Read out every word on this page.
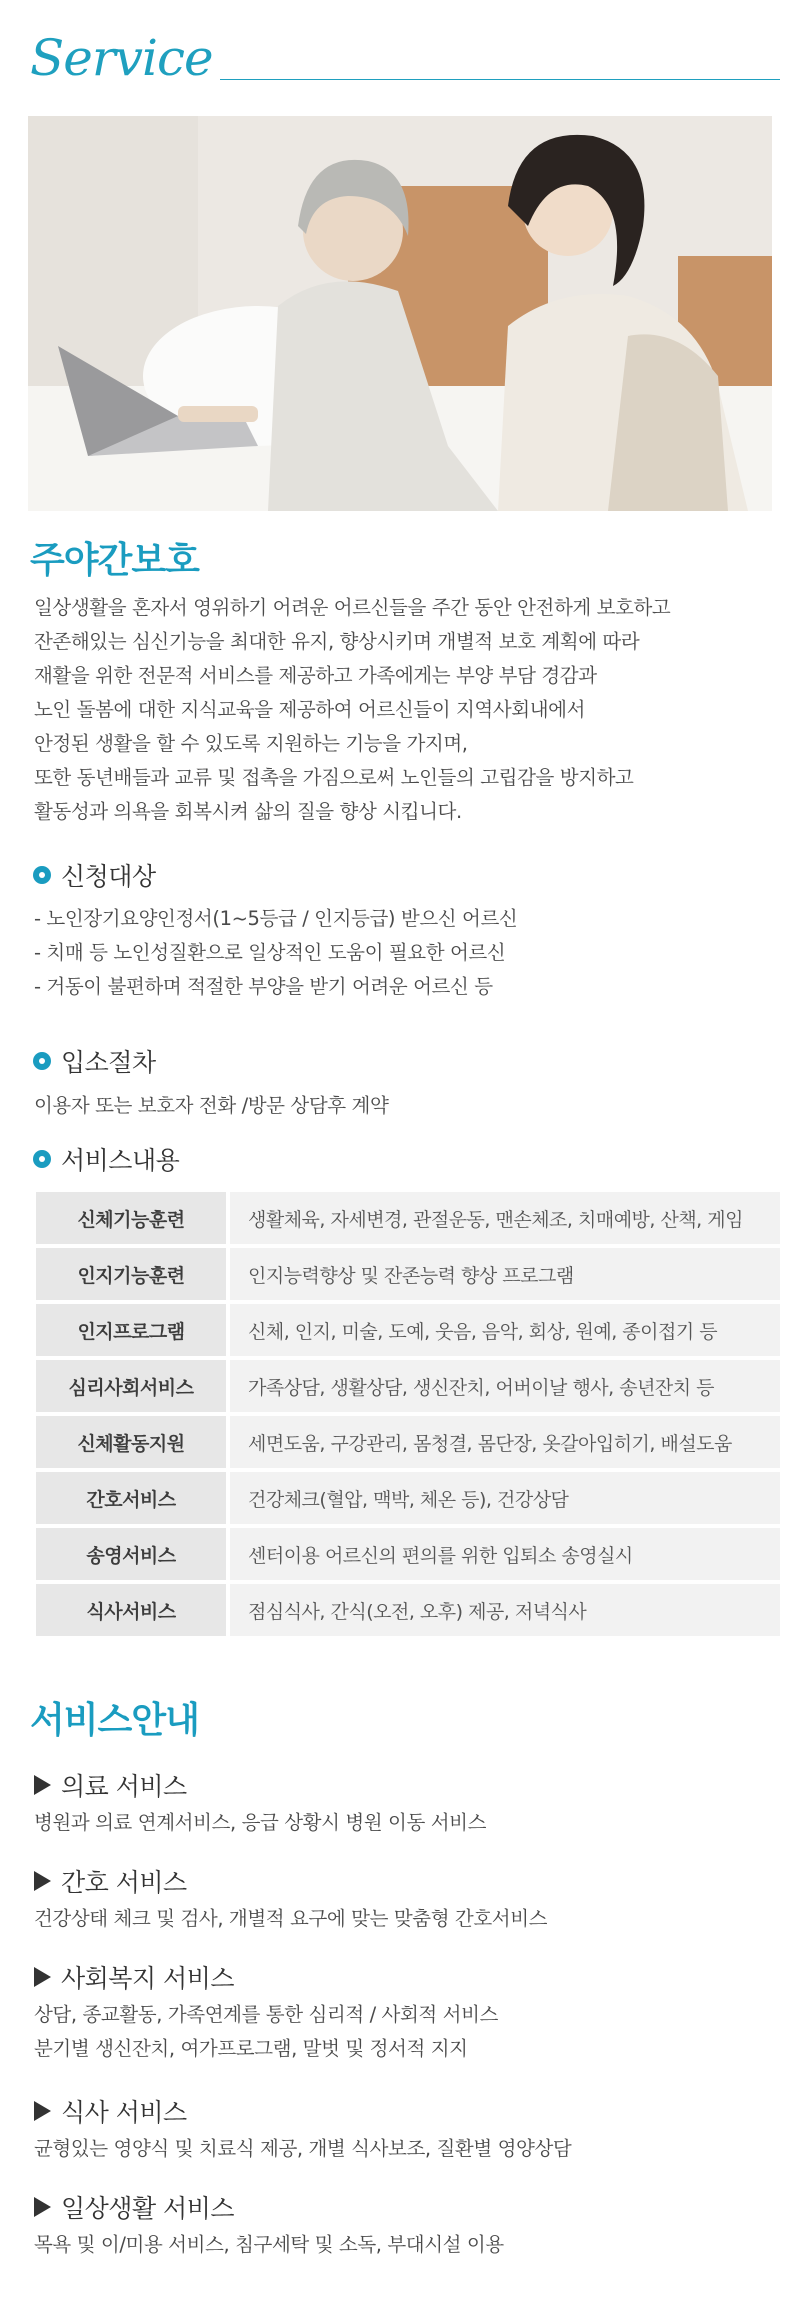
Service
주야간보호

일상생활을 혼자서 영위하기 어려운 어르신들을 주간 동안 안전하게 보호하고

잔존해있는 심신기능을 최대한 유지, 향상시키며 개별적 보호 계획에 따라

재활을 위한 전문적 서비스를 제공하고 가족에게는 부양 부담 경감과

노인 돌봄에 대한 지식교육을 제공하여 어르신들이 지역사회내에서

안정된 생활을 할 수 있도록 지원하는 기능을 가지며,

또한 동년배들과 교류 및 접촉을 가짐으로써 노인들의 고립감을 방지하고

활동성과 의욕을 회복시켜 삶의 질을 향상 시킵니다.

신청대상
- 노인장기요양인정서(1~5등급 / 인지등급) 받으신 어르신
- 치매 등 노인성질환으로 일상적인 도움이 필요한 어르신
- 거동이 불편하며 적절한 부양을 받기 어려운 어르신 등
입소절차
이용자 또는 보호자 전화 /방문 상담후 계약
서비스내용
신체기능훈련	생활체육, 자세변경, 관절운동, 맨손체조, 치매예방, 산책, 게임
인지기능훈련	인지능력향상 및 잔존능력 향상 프로그램
인지프로그램	신체, 인지, 미술, 도예, 웃음, 음악, 회상, 원예, 종이접기 등
심리사회서비스	가족상담, 생활상담, 생신잔치, 어버이날 행사, 송년잔치 등
신체활동지원	세면도움, 구강관리, 몸청결, 몸단장, 옷갈아입히기, 배설도움
간호서비스	건강체크(혈압, 맥박, 체온 등), 건강상담
송영서비스	센터이용 어르신의 편의를 위한 입퇴소 송영실시
식사서비스	점심식사, 간식(오전, 오후) 제공, 저녁식사
서비스안내
의료 서비스

병원과 의료 연계서비스, 응급 상황시 병원 이동 서비스

간호 서비스

건강상태 체크 및 검사, 개별적 요구에 맞는 맞춤형 간호서비스

사회복지 서비스

상담, 종교활동, 가족연계를 통한 심리적 / 사회적 서비스

분기별 생신잔치, 여가프로그램, 말벗 및 정서적 지지

식사 서비스

균형있는 영양식 및 치료식 제공, 개별 식사보조, 질환별 영양상담

일상생활 서비스

목욕 및 이/미용 서비스, 침구세탁 및 소독, 부대시설 이용
